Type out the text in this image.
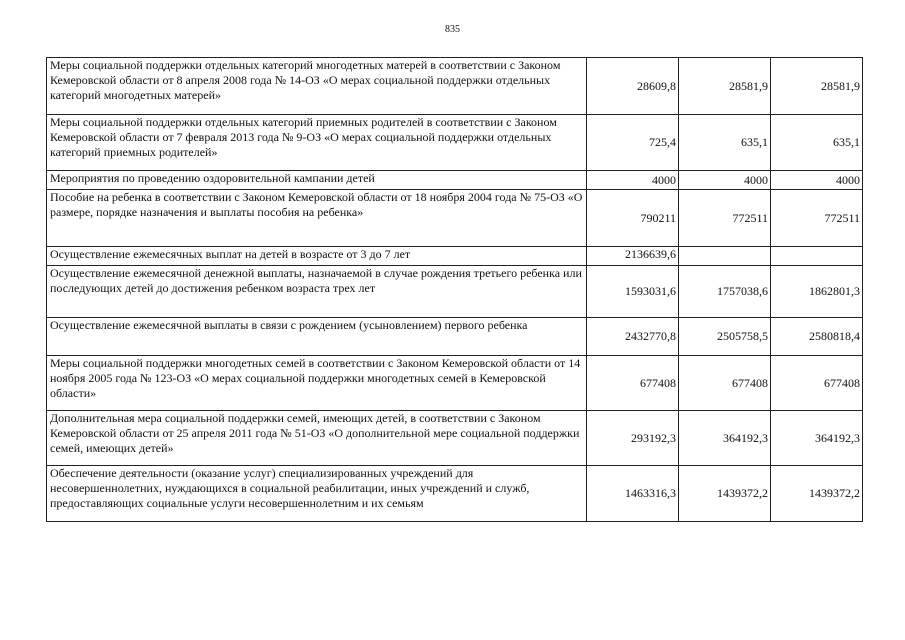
835
Меры социальной поддержки отдельных категорий многодетных матерей в соответствии с Законом Кемеровской области от 8 апреля 2008 года № 14-ОЗ «О мерах социальной поддержки отдельных категорий многодетных матерей»	28609,8	28581,9	28581,9
Меры социальной поддержки отдельных категорий приемных родителей в соответствии с Законом Кемеровской области от 7 февраля 2013 года № 9-ОЗ «О мерах социальной поддержки отдельных категорий приемных родителей»	725,4	635,1	635,1
Мероприятия по проведению оздоровительной кампании детей	4000	4000	4000
Пособие на ребенка в соответствии с Законом Кемеровской области от 18 ноября 2004 года № 75-ОЗ «О размере, порядке назначения и выплаты пособия на ребенка»	790211	772511	772511
Осуществление ежемесячных выплат на детей в возрасте от 3 до 7 лет	2136639,6		
Осуществление ежемесячной денежной выплаты, назначаемой в случае рождения третьего ребенка или последующих детей до достижения ребенком возраста трех лет	1593031,6	1757038,6	1862801,3
Осуществление ежемесячной выплаты в связи с рождением (усыновлением) первого ребенка	2432770,8	2505758,5	2580818,4
Меры социальной поддержки многодетных семей в соответствии с Законом Кемеровской области от 14 ноября 2005 года № 123-ОЗ «О мерах социальной поддержки многодетных семей в Кемеровской области»	677408	677408	677408
Дополнительная мера социальной поддержки семей, имеющих детей, в соответствии с Законом Кемеровской области от 25 апреля 2011 года № 51-ОЗ «О дополнительной мере социальной поддержки семей, имеющих детей»	293192,3	364192,3	364192,3
Обеспечение деятельности (оказание услуг) специализированных учреждений для несовершеннолетних, нуждающихся в социальной реабилитации, иных учреждений и служб, предоставляющих социальные услуги несовершеннолетним и их семьям	1463316,3	1439372,2	1439372,2
